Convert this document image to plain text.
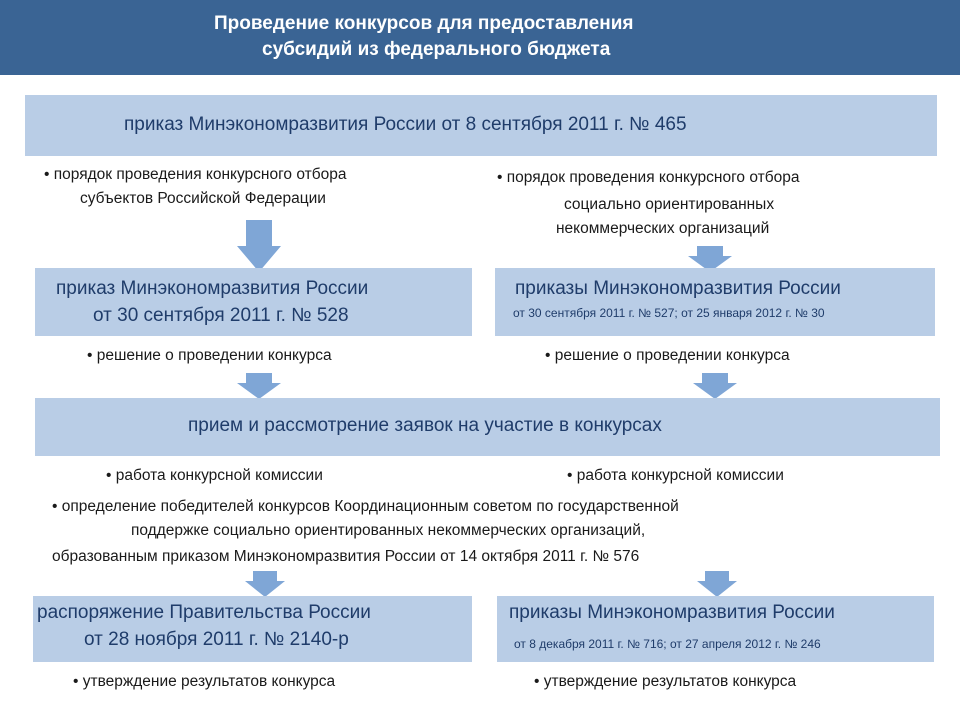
Проведение конкурсов для предоставления
субсидий из федерального бюджета
приказ Минэкономразвития России от 8 сентября 2011 г. № 465
• порядок проведения конкурсного отбора
субъектов Российской Федерации
• порядок проведения конкурсного отбора
социально ориентированных
некоммерческих организаций
приказ Минэкономразвития России
от 30 сентября 2011 г. № 528
приказы Минэкономразвития России
от 30 сентября 2011 г. № 527; от 25 января 2012 г. № 30
• решение о проведении конкурса	• решение о проведении конкурса
прием и рассмотрение заявок на участие в конкурсах
• работа конкурсной комиссии	• работа конкурсной комиссии
• определение победителей конкурсов Координационным советом по государственной
поддержке социально ориентированных некоммерческих организаций,
образованным приказом Минэкономразвития России от 14 октября 2011 г. № 576
распоряжение Правительства России
от 28 ноября 2011 г. № 2140-р
приказы Минэкономразвития России
от 8 декабря 2011 г. № 716; от 27 апреля 2012 г. № 246
• утверждение результатов конкурса	• утверждение результатов конкурса
